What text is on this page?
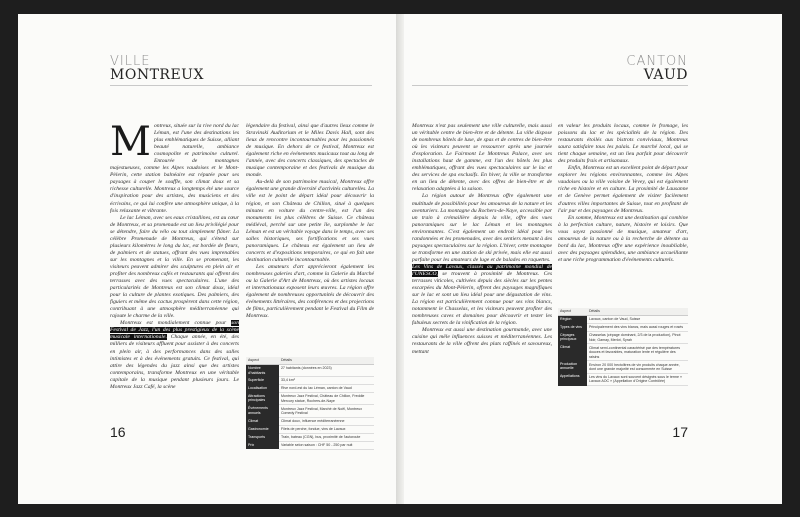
VILLE
MONTREUX

Montreux, située sur la rive nord du lac Léman, est l'une des destinations les plus emblématiques de Suisse, alliant beauté naturelle, ambiance cosmopolite et patrimoine culturel. Entourée de montagnes majestueuses, comme les Alpes vaudoises et le Mont-Pèlerin, cette station balnéaire est réputée pour ses paysages à couper le souffle, son climat doux et sa richesse culturelle. Montreux a longtemps été une source d'inspiration pour des artistes, des musiciens et des écrivains, ce qui lui confère une atmosphère unique, à la fois relaxante et vibrante.

Le lac Léman, avec ses eaux cristallines, est au cœur de Montreux, et sa promenade est un lieu privilégié pour se détendre, faire du vélo ou tout simplement flâner. La célèbre Promenade de Montreux, qui s'étend sur plusieurs kilomètres le long du lac, est bordée de fleurs, de palmiers et de statues, offrant des vues imprenables sur les montagnes et la ville. En se promenant, les visiteurs peuvent admirer des sculptures en plein air et profiter des nombreux cafés et restaurants qui offrent des terrasses avec des vues spectaculaires. L'une des particularités de Montreux est son climat doux, idéal pour la culture de plantes exotiques. Des palmiers, des figuiers et même des cactus prospèrent dans cette région, contribuant à une atmosphère méditerranéenne qui rajoute le charme de la ville.

Montreux est mondialement connue pour son Festival de Jazz, l'un des plus prestigieux de la scène musicale internationale. Chaque année, en été, des milliers de visiteurs affluent pour assister à des concerts en plein air, à des performances dans des salles intimistes et à des événements gratuits. Ce festival, qui attire des légendes du jazz ainsi que des artistes contemporains, transforme Montreux en une véritable capitale de la musique pendant plusieurs jours. Le Montreux Jazz Café, la scène

légendaire du festival, ainsi que d'autres lieux comme le Stravinski Auditorium et le Miles Davis Hall, sont des lieux de rencontre incontournables pour les passionnés de musique. En dehors de ce festival, Montreux est également riche en événements musicaux tout au long de l'année, avec des concerts classiques, des spectacles de musique contemporaine et des festivals de musique du monde.

Au-delà de son patrimoine musical, Montreux offre également une grande diversité d'activités culturelles. La ville est le point de départ idéal pour découvrir la région, et son Château de Chillon, situé à quelques minutes en voiture du centre-ville, est l'un des monuments les plus célèbres de Suisse. Ce château médiéval, perché sur une petite île, surplombe le lac Léman et est un véritable voyage dans le temps, avec ses salles historiques, ses fortifications et ses vues panoramiques. Le château est également un lieu de concerts et d'expositions temporaires, ce qui en fait une destination culturelle incontournable.

Les amateurs d'art apprécieront également les nombreuses galeries d'art, comme la Galerie du Marché ou la Galerie d'Art de Montreux, où des artistes locaux et internationaux exposent leurs œuvres. La région offre également de nombreuses opportunités de découvrir des événements littéraires, des conférences et des projections de films, particulièrement pendant le Festival du Film de Montreux.

Aspect	Détails
Nombre d'habitants	27 habitants (données en 2023)
Superficie	33,4 km²
Localisation	Rive nord-est du lac Léman, canton de Vaud
Attractions principales	Montreux Jazz Festival, Château de Chillon, Freddie Mercury statue, Rochers-de-Naye
Événements annuels	Montreux Jazz Festival, Marché de Noël, Montreux Comedy Festival
Climat	Climat doux, influence méditerranéenne
Gastronomie	Filets de perche, fondue, vins de Lavaux
Transports	Train, bateau (CGN), bus, proximité de l'autoroute
Prix	Variable selon saison : CHF 50 - 250 par nuit
16
CANTON
VAUD

Montreux n'est pas seulement une ville culturelle, mais aussi un véritable centre de bien-être et de détente. La ville dispose de nombreux hôtels de luxe, de spas et de centres de bien-être où les visiteurs peuvent se ressourcer après une journée d'exploration. Le Fairmont Le Montreux Palace, avec ses installations haut de gamme, est l'un des hôtels les plus emblématiques, offrant des vues spectaculaires sur le lac et des services de spa exclusifs. En hiver, la ville se transforme en un lieu de détente, avec des offres de bien-être et de relaxation adaptées à la saison.

La région autour de Montreux offre également une multitude de possibilités pour les amoureux de la nature et les aventuriers. La montagne du Rochers-de-Naye, accessible par un train à crémaillère depuis la ville, offre des vues panoramiques sur le lac Léman et les montagnes environnantes. C'est également un endroit idéal pour les randonnées et les promenades, avec des sentiers menant à des paysages spectaculaires sur la région. L'hiver, cette montagne se transforme en une station de ski privée, mais elle est aussi parfaite pour les amateurs de luge et de balades en raquettes.

Les Vins de Lavaux, classés au patrimoine mondial de l'UNESCO, se trouvent à proximité de Montreux. Ces terrasses viticoles, cultivées depuis des siècles sur les pentes escarpées du Mont-Pèlerin, offrent des paysages magnifiques sur le lac et sont un lieu idéal pour une dégustation de vins. La région est particulièrement connue pour ses vins blancs, notamment le Chasselas, et les visiteurs peuvent profiter des nombreuses caves et domaines pour découvrir et tester les fabuleux secrets de la vinification de la région.

Montreux est aussi une destination gourmande, avec une cuisine qui mêle influences suisses et méditerranéennes. Les restaurants de la ville offrent des plats raffinés et savoureux, mettant

en valeur les produits locaux, comme le fromage, les poissons du lac et les spécialités de la région. Des restaurants étoilés aux bistrots conviviaux, Montreux saura satisfaire tous les palais. Le marché local, qui se tient chaque semaine, est un lieu parfait pour découvrir des produits frais et artisanaux.

Enfin, Montreux est un excellent point de départ pour explorer les régions environnantes, comme les Alpes vaudoises ou la ville voisine de Vevey, qui est également riche en histoire et en culture. La proximité de Lausanne et de Genève permet également de visiter facilement d'autres villes importantes de Suisse, tout en profitant de l'air pur et des paysages de Montreux.

En somme, Montreux est une destination qui combine à la perfection culture, nature, histoire et loisirs. Que vous soyez passionné de musique, amateur d'art, amoureux de la nature ou à la recherche de détente au bord du lac, Montreux offre une expérience inoubliable, avec des paysages splendides, une ambiance accueillante et une riche programmation d'événements culturels.

Aspect	Détails
Région	Lavaux, canton de Vaud, Suisse
Types de vins	Principalement des vins blancs, mais aussi rouges et rosés
Cépages principaux	Chasselas (cépage dominant, 2/3 de la production), Pinot Noir, Gamay, Merlot, Syrah
Climat	Climat semi-continental caractérisé par des températures douces et favorables, maturation lente et régulière des raisins
Production annuelle	Environ 20 000 hectolitres de vin produits chaque année, dont une grande majorité est consommée en Suisse
Appellations	Les vins du Lavaux sont souvent désignés sous le terme « Lavaux AOC » (Appellation d'Origine Contrôlée)
17
